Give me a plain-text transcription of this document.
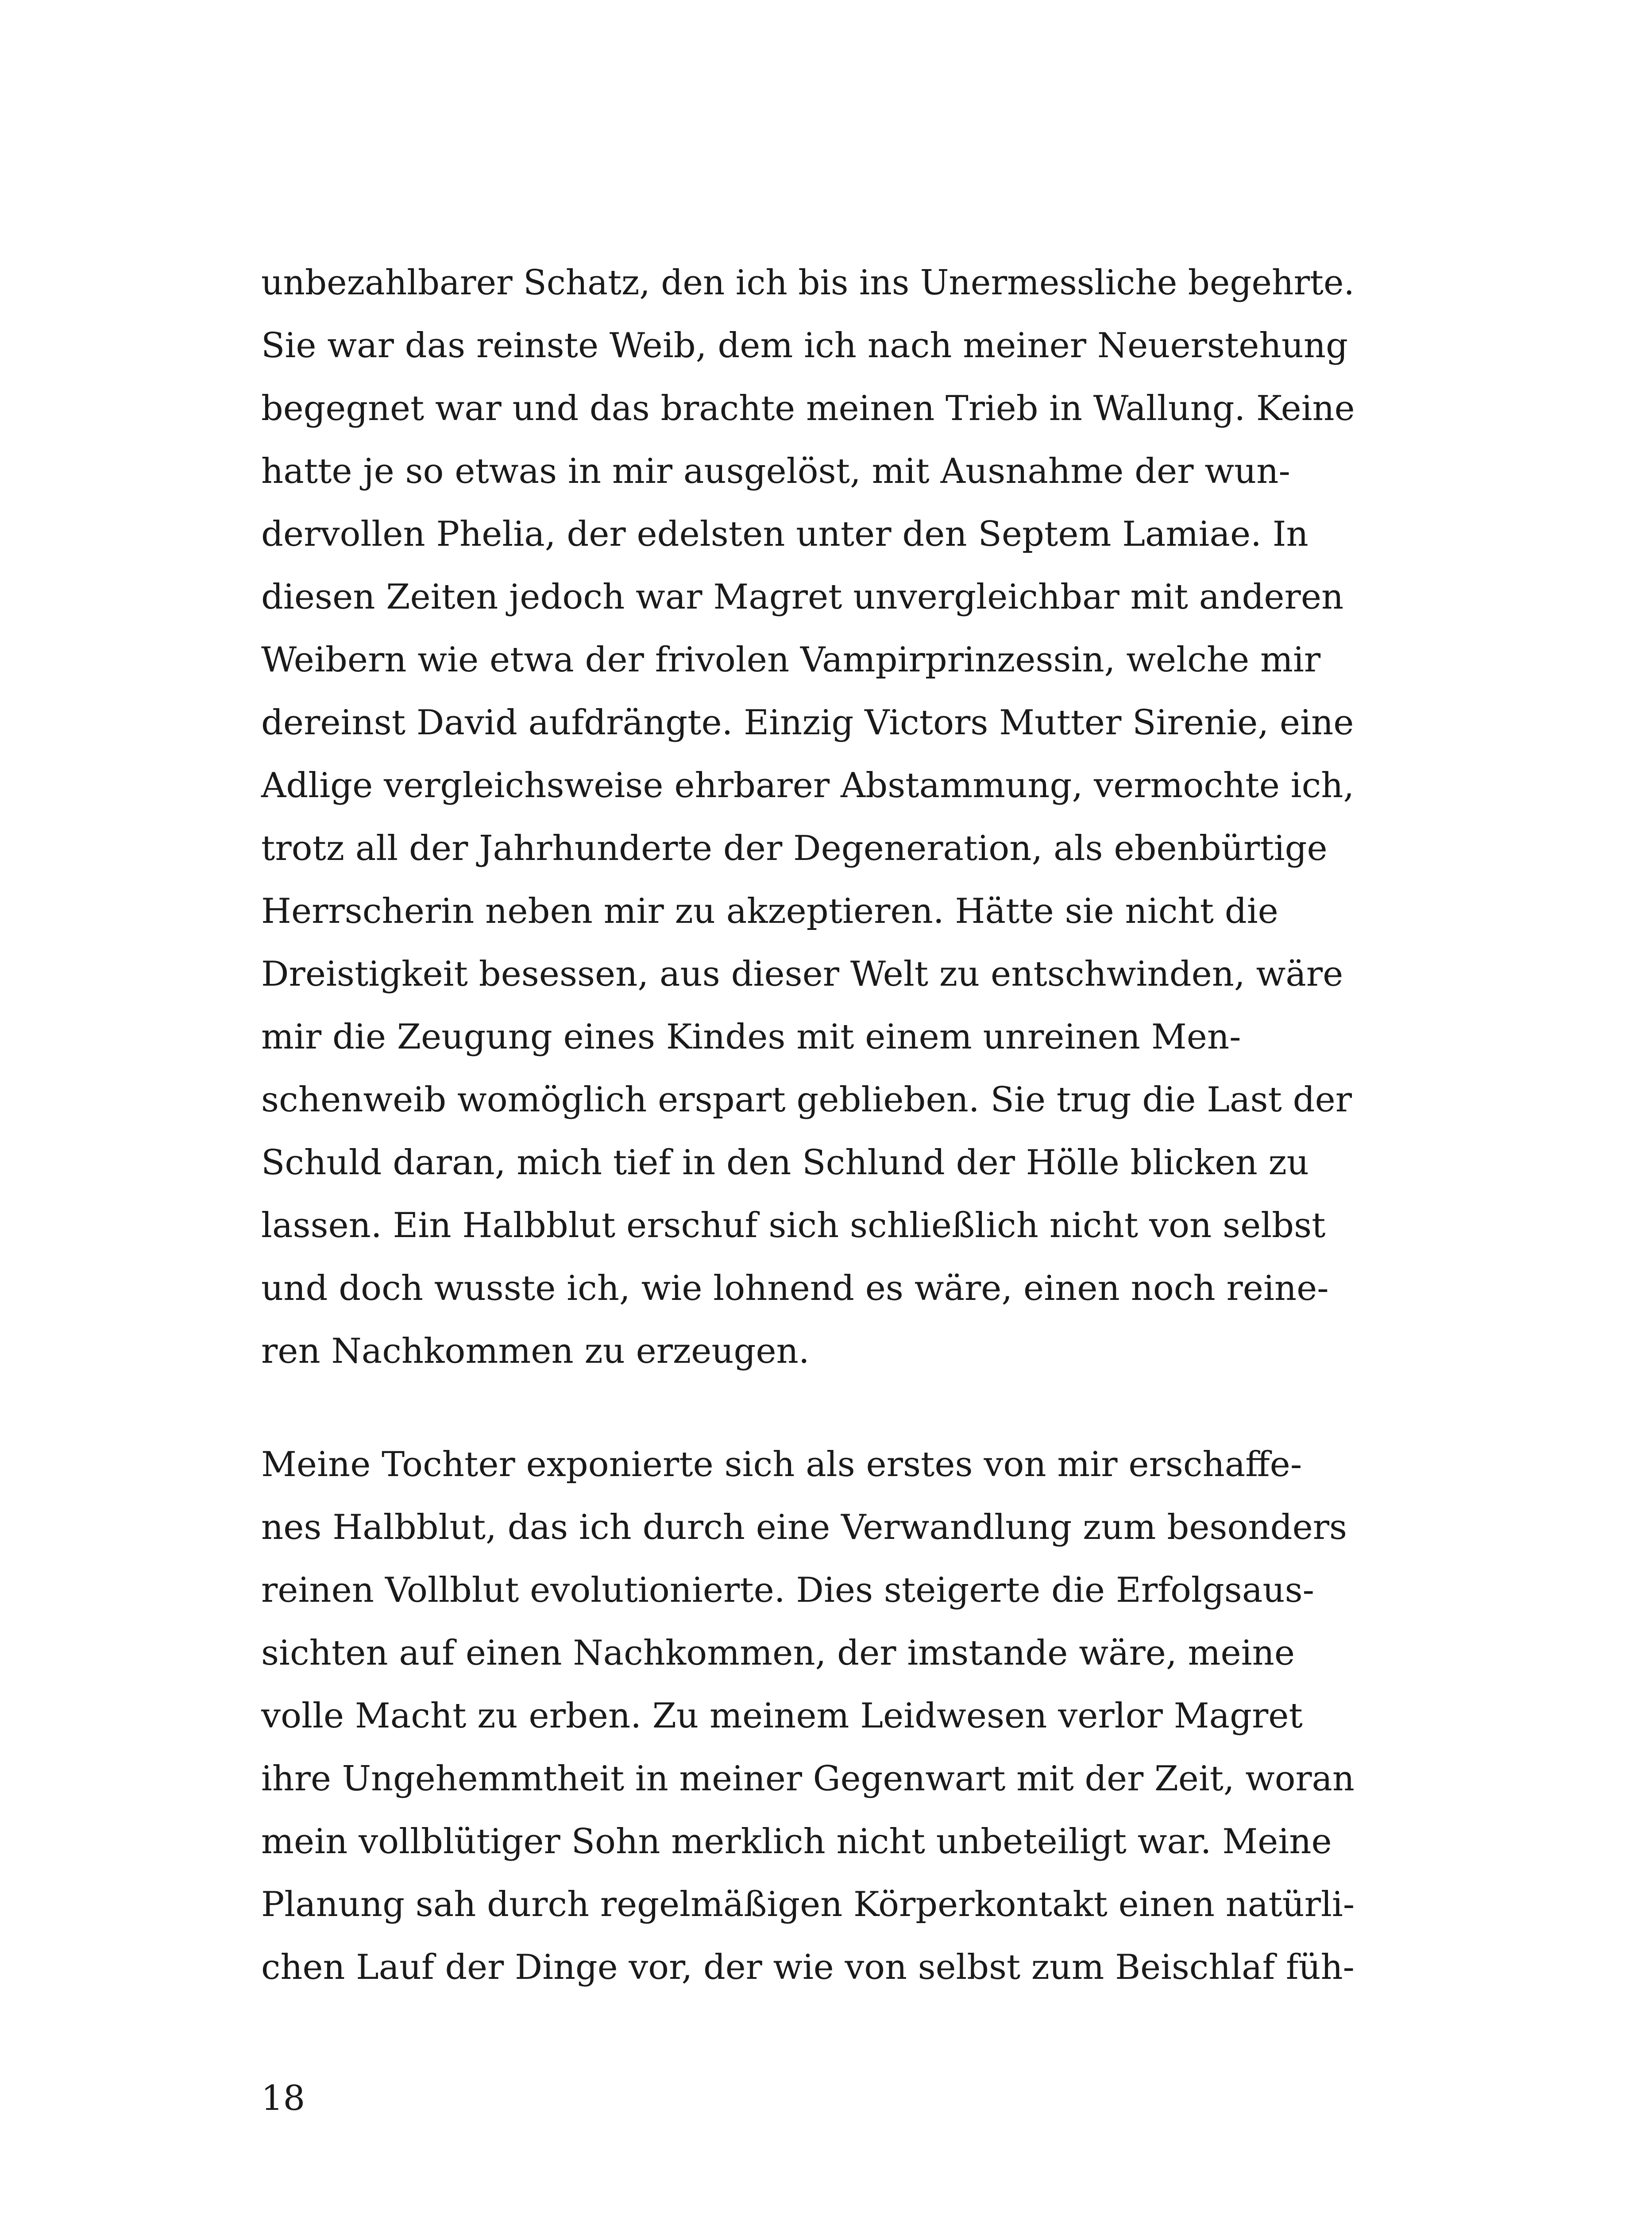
unbezahlbarer Schatz, den ich bis ins Unermessliche begehrte.
Sie war das reinste Weib, dem ich nach meiner Neuerstehung
begegnet war und das brachte meinen Trieb in Wallung. Keine
hatte je so etwas in mir ausgelöst, mit Ausnahme der wun-
dervollen Phelia, der edelsten unter den Septem Lamiae. In
diesen Zeiten jedoch war Magret unvergleichbar mit anderen
Weibern wie etwa der frivolen Vampirprinzessin, welche mir
dereinst David aufdrängte. Einzig Victors Mutter Sirenie, eine
Adlige vergleichsweise ehrbarer Abstammung, vermochte ich,
trotz all der Jahrhunderte der Degeneration, als ebenbürtige
Herrscherin neben mir zu akzeptieren. Hätte sie nicht die
Dreistigkeit besessen, aus dieser Welt zu entschwinden, wäre
mir die Zeugung eines Kindes mit einem unreinen Men-
schenweib womöglich erspart geblieben. Sie trug die Last der
Schuld daran, mich tief in den Schlund der Hölle blicken zu
lassen. Ein Halbblut erschuf sich schließlich nicht von selbst
und doch wusste ich, wie lohnend es wäre, einen noch reine-
ren Nachkommen zu erzeugen.

Meine Tochter exponierte sich als erstes von mir erschaffe-
nes Halbblut, das ich durch eine Verwandlung zum besonders
reinen Vollblut evolutionierte. Dies steigerte die Erfolgsaus-
sichten auf einen Nachkommen, der imstande wäre, meine
volle Macht zu erben. Zu meinem Leidwesen verlor Magret
ihre Ungehemmtheit in meiner Gegenwart mit der Zeit, woran
mein vollblütiger Sohn merklich nicht unbeteiligt war. Meine
Planung sah durch regelmäßigen Körperkontakt einen natürli-
chen Lauf der Dinge vor, der wie von selbst zum Beischlaf füh-

18
